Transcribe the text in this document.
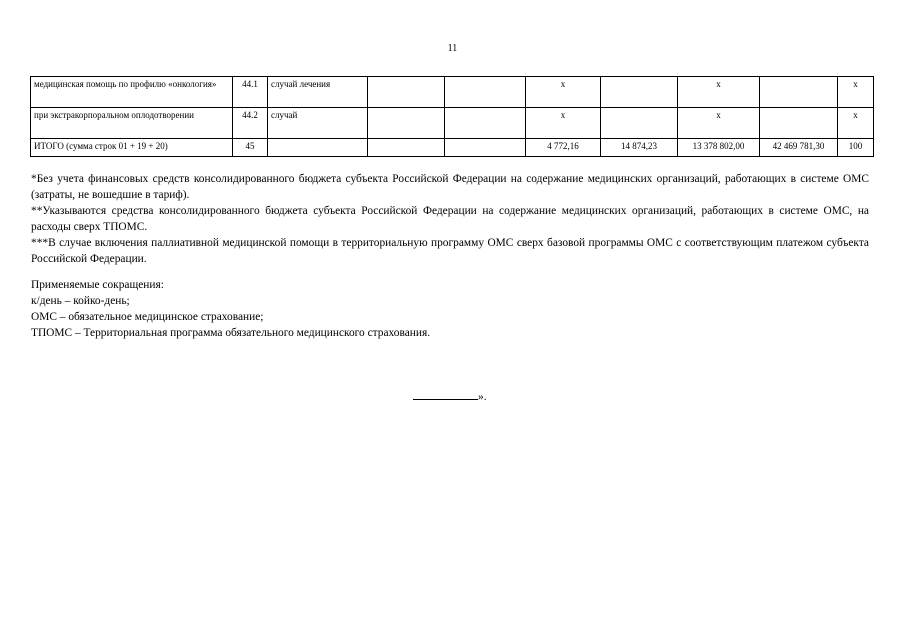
11
медицинская помощь по профилю «онкология»	44.1	случай лечения			x		x		x
при экстракорпоральном оплодотворении	44.2	случай			x		x		x
ИТОГО (сумма строк 01 + 19 + 20)	45				4 772,16	14 874,23	13 378 802,00	42 469 781,30	100

*Без учета финансовых средств консолидированного бюджета субъекта Российской Федерации на содержание медицинских организаций, работающих в системе ОМС (затраты, не вошедшие в тариф).

**Указываются средства консолидированного бюджета субъекта Российской Федерации на содержание медицинских организаций, работающих в системе ОМС, на расходы сверх ТПОМС.

***В случае включения паллиативной медицинской помощи в территориальную программу ОМС сверх базовой программы ОМС с соответствующим платежом субъекта Российской Федерации.

Применяемые сокращения:

к/день – койко-день;

ОМС – обязательное медицинское страхование;

ТПОМС – Территориальная программа обязательного медицинского страхования.

».
